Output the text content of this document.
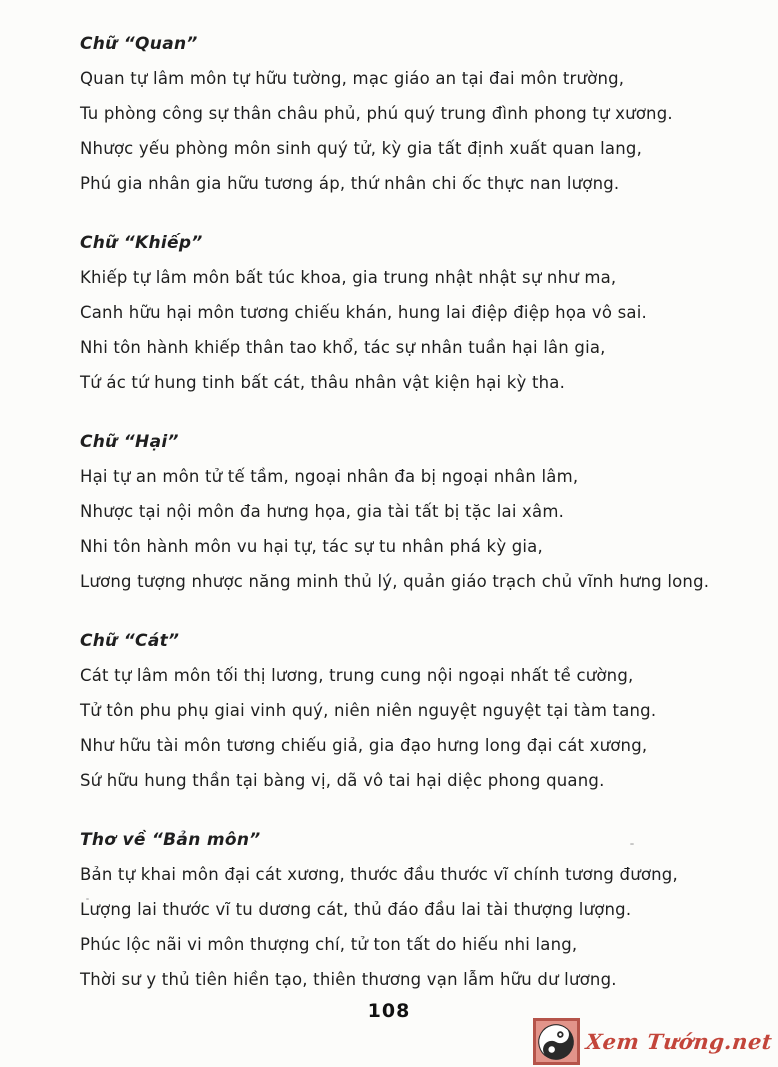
Chữ “Quan”

Quan tự lâm môn tự hữu tường, mạc giáo an tại đai môn trường,

Tu phòng công sự thân châu phủ, phú quý trung đình phong tự xương.

Nhược yếu phòng môn sinh quý tử, kỳ gia tất định xuất quan lang,

Phú gia nhân gia hữu tương áp, thứ nhân chi ốc thực nan lượng.

Chữ “Khiếp”

Khiếp tự lâm môn bất túc khoa, gia trung nhật nhật sự như ma,

Canh hữu hại môn tương chiếu khán, hung lai điệp điệp họa vô sai.

Nhi tôn hành khiếp thân tao khổ, tác sự nhân tuần hại lân gia,

Tứ ác tứ hung tinh bất cát, thâu nhân vật kiện hại kỳ tha.

Chữ “Hại”

Hại tự an môn tử tế tầm, ngoại nhân đa bị ngoại nhân lâm,

Nhược tại nội môn đa hưng họa, gia tài tất bị tặc lai xâm.

Nhi tôn hành môn vu hại tự, tác sự tu nhân phá kỳ gia,

Lương tượng nhược năng minh thủ lý, quản giáo trạch chủ vĩnh hưng long.

Chữ “Cát”

Cát tự lâm môn tối thị lương, trung cung nội ngoại nhất tề cường,

Tử tôn phu phụ giai vinh quý, niên niên nguyệt nguyệt tại tàm tang.

Như hữu tài môn tương chiếu giả, gia đạo hưng long đại cát xương,

Sứ hữu hung thần tại bàng vị, dã vô tai hại diệc phong quang.

Thơ về “Bản môn”

Bản tự khai môn đại cát xương, thước đầu thước vĩ chính tương đương,

Lượng lai thước vĩ tu dương cát, thủ đáo đầu lai tài thượng lượng.

Phúc lộc nãi vi môn thượng chí, tử ton tất do hiếu nhi lang,

Thời sư y thủ tiên hiền tạo, thiên thương vạn lẫm hữu dư lương.

108
Xem Tướng.net
